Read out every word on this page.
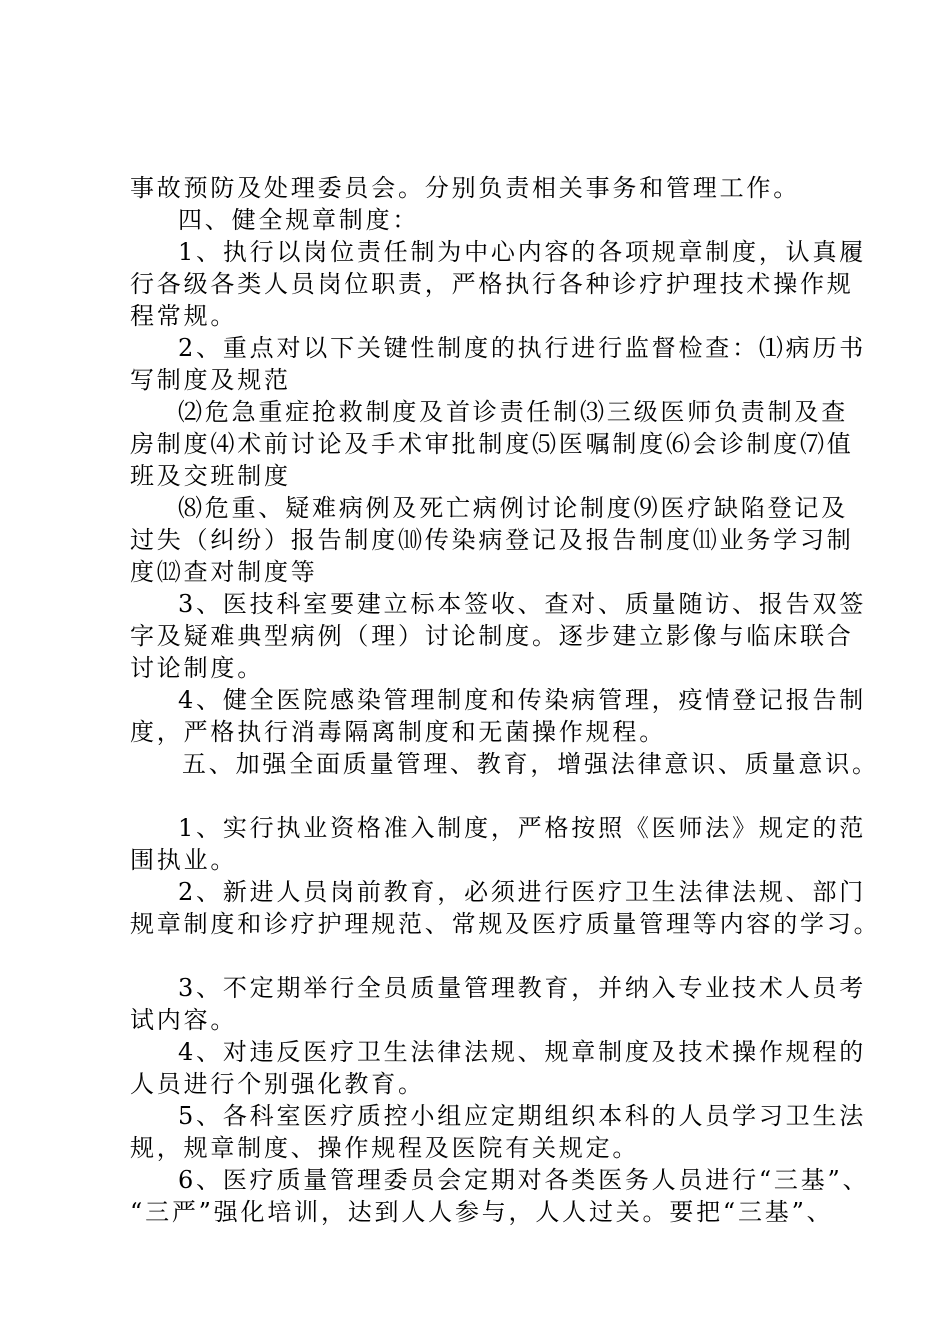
事故预防及处理委员会。分别负责相关事务和管理工作。
四、健全规章制度：
1、执行以岗位责任制为中心内容的各项规章制度，认真履
行各级各类人员岗位职责，严格执行各种诊疗护理技术操作规
程常规。
2、重点对以下关键性制度的执行进行监督检查：⑴病历书
写制度及规范
⑵危急重症抢救制度及首诊责任制⑶三级医师负责制及查
房制度⑷术前讨论及手术审批制度⑸医嘱制度⑹会诊制度⑺值
班及交班制度
⑻危重、疑难病例及死亡病例讨论制度⑼医疗缺陷登记及
过失（纠纷）报告制度⑽传染病登记及报告制度⑾业务学习制
度⑿查对制度等
3、医技科室要建立标本签收、查对、质量随访、报告双签
字及疑难典型病例（理）讨论制度。逐步建立影像与临床联合
讨论制度。
4、健全医院感染管理制度和传染病管理，疫情登记报告制
度，严格执行消毒隔离制度和无菌操作规程。
五、加强全面质量管理、教育，增强法律意识、质量意识。
1、实行执业资格准入制度，严格按照《医师法》规定的范
围执业。
2、新进人员岗前教育，必须进行医疗卫生法律法规、部门
规章制度和诊疗护理规范、常规及医疗质量管理等内容的学习。
3、不定期举行全员质量管理教育，并纳入专业技术人员考
试内容。
4、对违反医疗卫生法律法规、规章制度及技术操作规程的
人员进行个别强化教育。
5、各科室医疗质控小组应定期组织本科的人员学习卫生法
规，规章制度、操作规程及医院有关规定。
6、医疗质量管理委员会定期对各类医务人员进行“三基”、
“三严”强化培训，达到人人参与，人人过关。要把“三基”、
